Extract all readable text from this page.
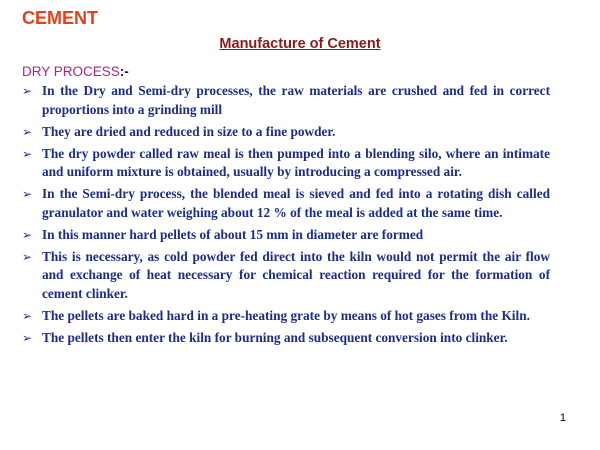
CEMENT
Manufacture of Cement
DRY PROCESS:-
➢ In the Dry and Semi-dry processes, the raw materials are crushed and fed in correct proportions into a grinding mill
➢ They are dried and reduced in size to a fine powder.
➢ The dry powder called raw meal is then pumped into a blending silo, where an intimate and uniform mixture is obtained, usually by introducing a compressed air.
➢ In the Semi-dry process, the blended meal is sieved and fed into a rotating dish called granulator and water weighing about 12 % of the meal is added at the same time.
➢ In this manner hard pellets of about 15 mm in diameter are formed
➢ This is necessary, as cold powder fed direct into the kiln would not permit the air flow and exchange of heat necessary for chemical reaction required for the formation of cement clinker.
➢ The pellets are baked hard in a pre-heating grate by means of hot gases from the Kiln.
➢ The pellets then enter the kiln for burning and subsequent conversion into clinker.
1
